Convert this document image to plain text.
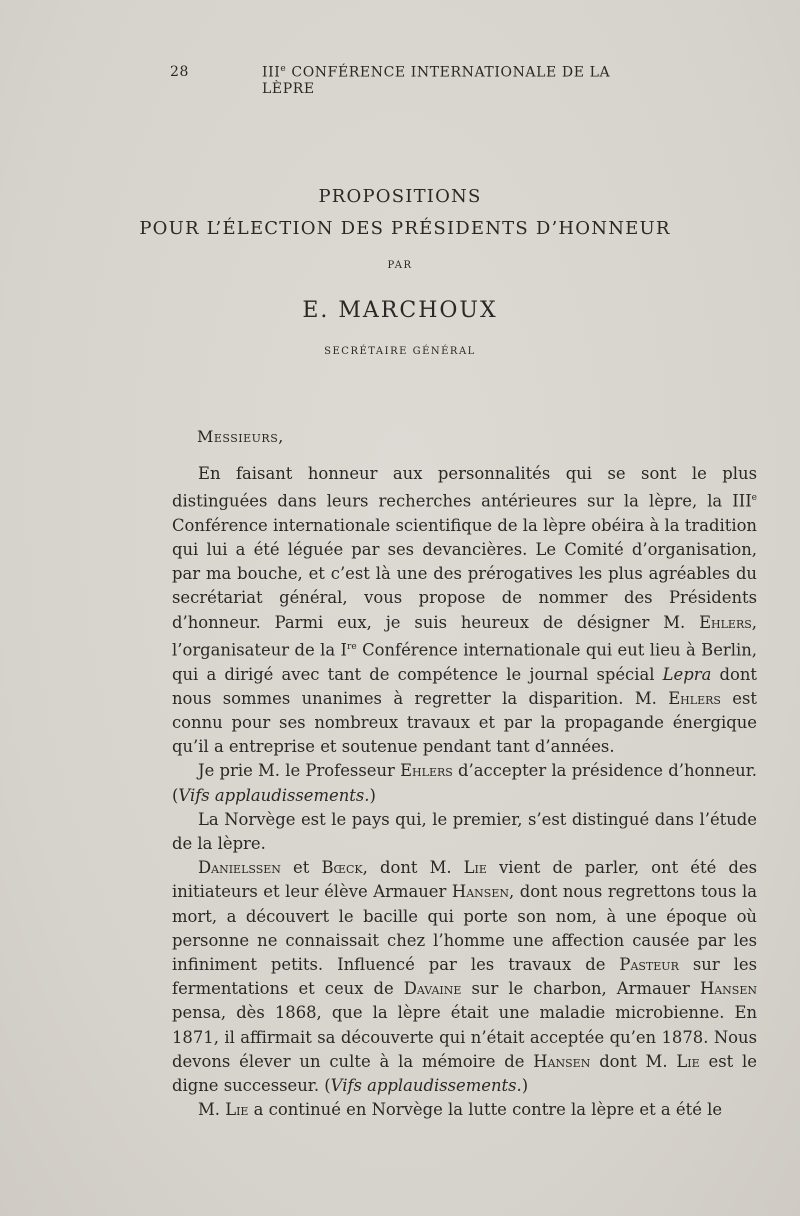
28	IIIe CONFÉRENCE INTERNATIONALE DE LA LÈPRE
PROPOSITIONS
POUR L’ÉLECTION DES PRÉSIDENTS D’HONNEUR
PAR
E. MARCHOUX
SECRÉTAIRE GÉNÉRAL
Messieurs,

En faisant honneur aux personnalités qui se sont le plus distinguées dans leurs recherches antérieures sur la lèpre, la IIIe Conférence internationale scientifique de la lèpre obéira à la tradition qui lui a été léguée par ses devancières. Le Comité d’organisation, par ma bouche, et c’est là une des prérogatives les plus agréables du secrétariat général, vous propose de nommer des Présidents d’honneur. Parmi eux, je suis heureux de désigner M. Ehlers, l’organisateur de la Ire Conférence internationale qui eut lieu à Berlin, qui a dirigé avec tant de compétence le journal spécial Lepra dont nous sommes unanimes à regretter la disparition. M. Ehlers est connu pour ses nombreux travaux et par la propagande énergique qu’il a entreprise et soutenue pendant tant d’années.

Je prie M. le Professeur Ehlers d’accepter la présidence d’honneur. (Vifs applaudissements.)

La Norvège est le pays qui, le premier, s’est distingué dans l’étude de la lèpre.

Danielssen et Bœck, dont M. Lie vient de parler, ont été des initiateurs et leur élève Armauer Hansen, dont nous regrettons tous la mort, a découvert le bacille qui porte son nom, à une époque où personne ne connaissait chez l’homme une affection causée par les infiniment petits. Influencé par les travaux de Pasteur sur les fermentations et ceux de Davaine sur le charbon, Armauer Hansen pensa, dès 1868, que la lèpre était une maladie microbienne. En 1871, il affirmait sa découverte qui n’était acceptée qu’en 1878. Nous devons élever un culte à la mémoire de Hansen dont M. Lie est le digne successeur. (Vifs applaudissements.)

M. Lie a continué en Norvège la lutte contre la lèpre et a été le
